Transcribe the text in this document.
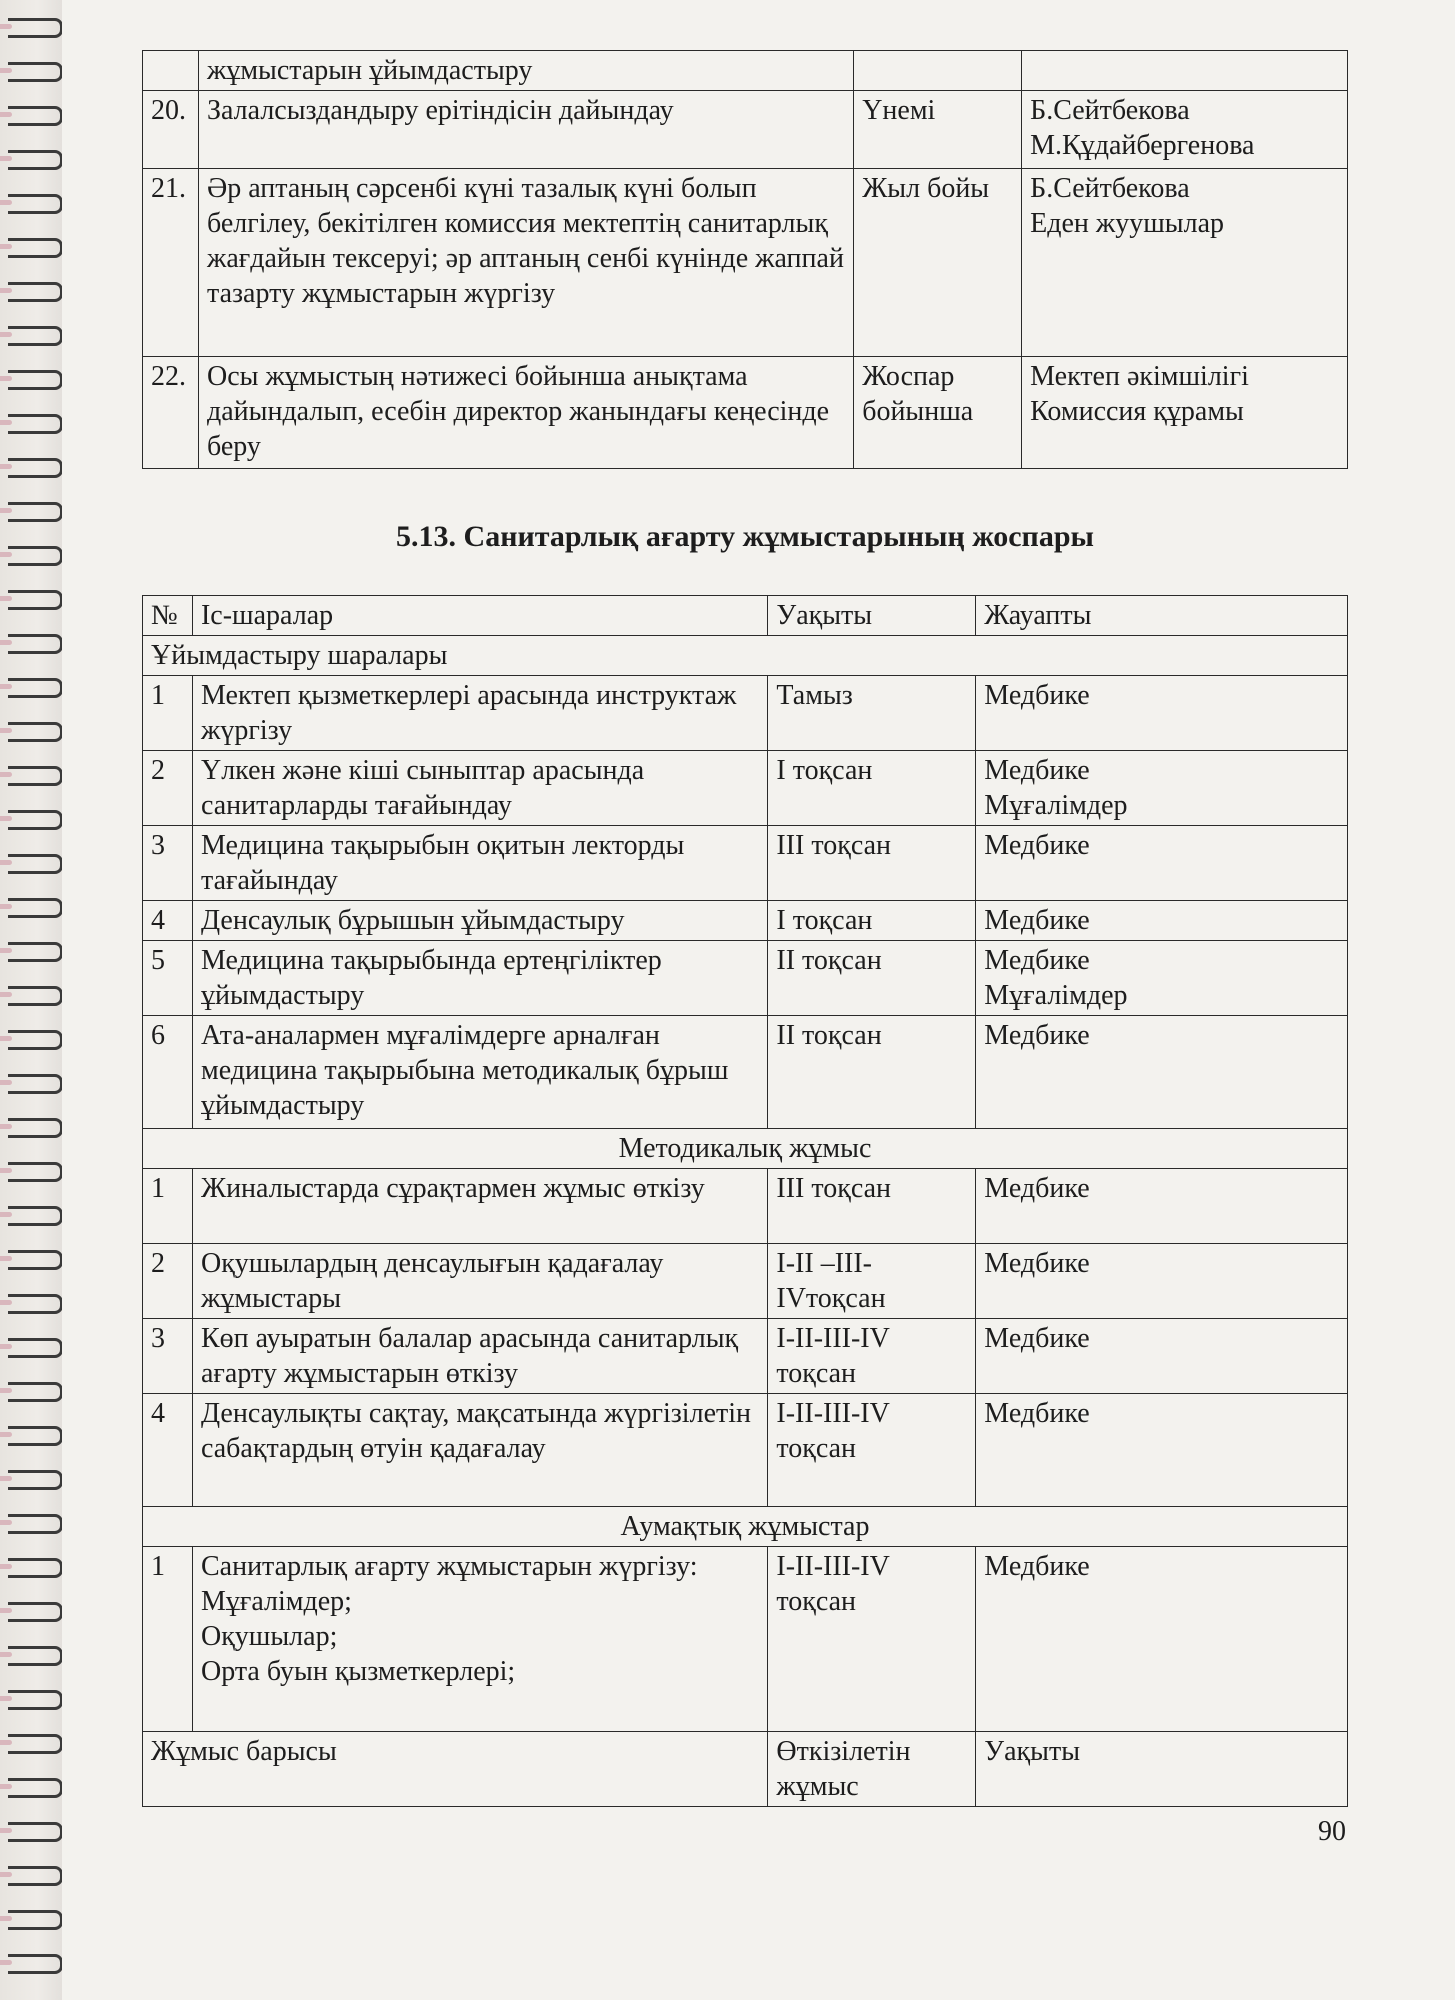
	жұмыстарын ұйымдастыру		
20.	Залалсыздандыру ерітіндісін дайындау	Үнемі	Б.Сейтбекова
М.Құдайбергенова
21.	Әр аптаның сәрсенбі күні тазалық күні болып белгілеу, бекітілген комиссия мектептің санитарлық жағдайын тексеруі; әр аптаның сенбі күнінде жаппай тазарту жұмыстарын жүргізу	Жыл бойы	Б.Сейтбекова
Еден жуушылар
22.	Осы жұмыстың нәтижесі бойынша анықтама дайындалып, есебін директор жанындағы кеңесінде беру	Жоспар бойынша	Мектеп әкімшілігі
Комиссия құрамы
5.13. Санитарлық ағарту жұмыстарының жоспары
№	Іс-шаралар	Уақыты	Жауапты
Ұйымдастыру шаралары			
1	Мектеп қызметкерлері арасында инструктаж жүргізу	Тамыз	Медбике
2	Үлкен және кіші сыныптар арасында санитарларды тағайындау	І тоқсан	Медбике
Мұғалімдер
3	Медицина тақырыбын оқитын лекторды тағайындау	ІІІ тоқсан	Медбике
4	Денсаулық бұрышын ұйымдастыру	І тоқсан	Медбике
5	Медицина тақырыбында ертеңгіліктер ұйымдастыру	ІІ тоқсан	Медбике
Мұғалімдер
6	Ата-аналармен мұғалімдерге арналған медицина тақырыбына методикалық бұрыш ұйымдастыру	ІІ тоқсан	Медбике
Методикалық жұмыс			
1	Жиналыстарда сұрақтармен жұмыс өткізу	ІІІ тоқсан	Медбике
2	Оқушылардың денсаулығын қадағалау жұмыстары	І-ІІ –ІІІ-ІVтоқсан	Медбике
3	Көп ауыратын балалар арасында санитарлық ағарту жұмыстарын өткізу	І-ІІ-ІІІ-ІV тоқсан	Медбике
4	Денсаулықты сақтау, мақсатында жүргізілетін сабақтардың өтуін қадағалау	І-ІІ-ІІІ-ІV тоқсан	Медбике
Аумақтық жұмыстар			
1	Санитарлық ағарту жұмыстарын жүргізу:
Мұғалімдер;
Оқушылар;
Орта буын қызметкерлері;	І-ІІ-ІІІ-ІV тоқсан	Медбике
Жұмыс барысы		Өткізілетін жұмыс	Уақыты
90
